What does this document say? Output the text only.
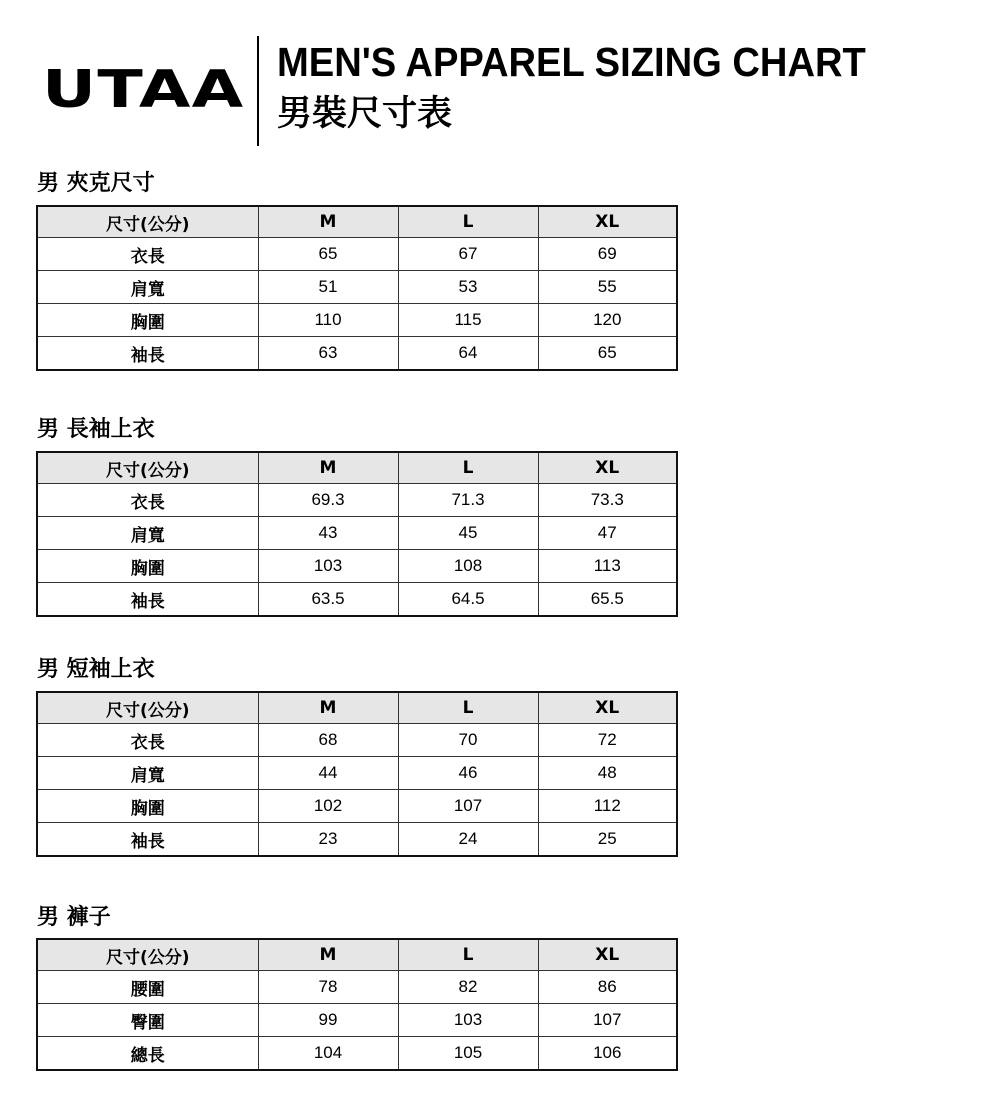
UTAA MEN'S APPAREL SIZING CHART
男裝尺寸表
男 夾克尺寸
尺寸(公分)	M	L	XL
衣長	65	67	69
肩寬	51	53	55
胸圍	110	115	120
袖長	63	64	65
男 長袖上衣
尺寸(公分)	M	L	XL
衣長	69.3	71.3	73.3
肩寬	43	45	47
胸圍	103	108	113
袖長	63.5	64.5	65.5
男 短袖上衣
尺寸(公分)	M	L	XL
衣長	68	70	72
肩寬	44	46	48
胸圍	102	107	112
袖長	23	24	25
男 褲子
尺寸(公分)	M	L	XL
腰圍	78	82	86
臀圍	99	103	107
總長	104	105	106
